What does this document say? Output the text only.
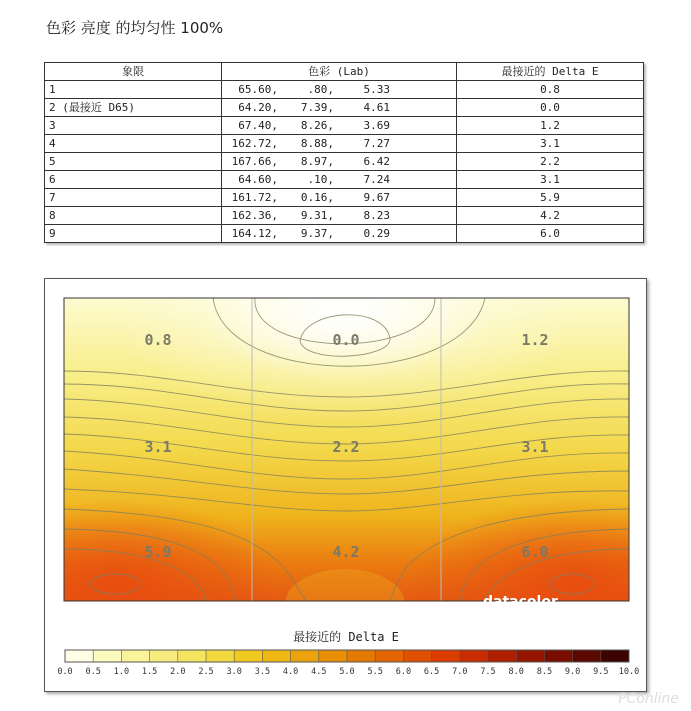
色彩 亮度 的均匀性 100%
象限	色彩 (Lab)	最接近的 Delta E
1	65.60, .80, 5.33	0.8
2 (最接近 D65)	64.20, 7.39, 4.61	0.0
3	67.40, 8.26, 3.69	1.2
4	162.72, 8.88, 7.27	3.1
5	167.66, 8.97, 6.42	2.2
6	64.60, .10, 7.24	3.1
7	161.72, 0.16, 9.67	5.9
8	162.36, 9.31, 8.23	4.2
9	164.12, 9.37, 0.29	6.0
0.8	0.0	1.2
3.1	2.2	3.1
5.9	4.2	6.0
datacolor
最接近的 Delta E
0.0 0.5 1.0 1.5 2.0 2.5 3.0 3.5 4.0 4.5 5.0 5.5 6.0 6.5 7.0 7.5 8.0 8.5 9.0 9.5 10.0
PConline
